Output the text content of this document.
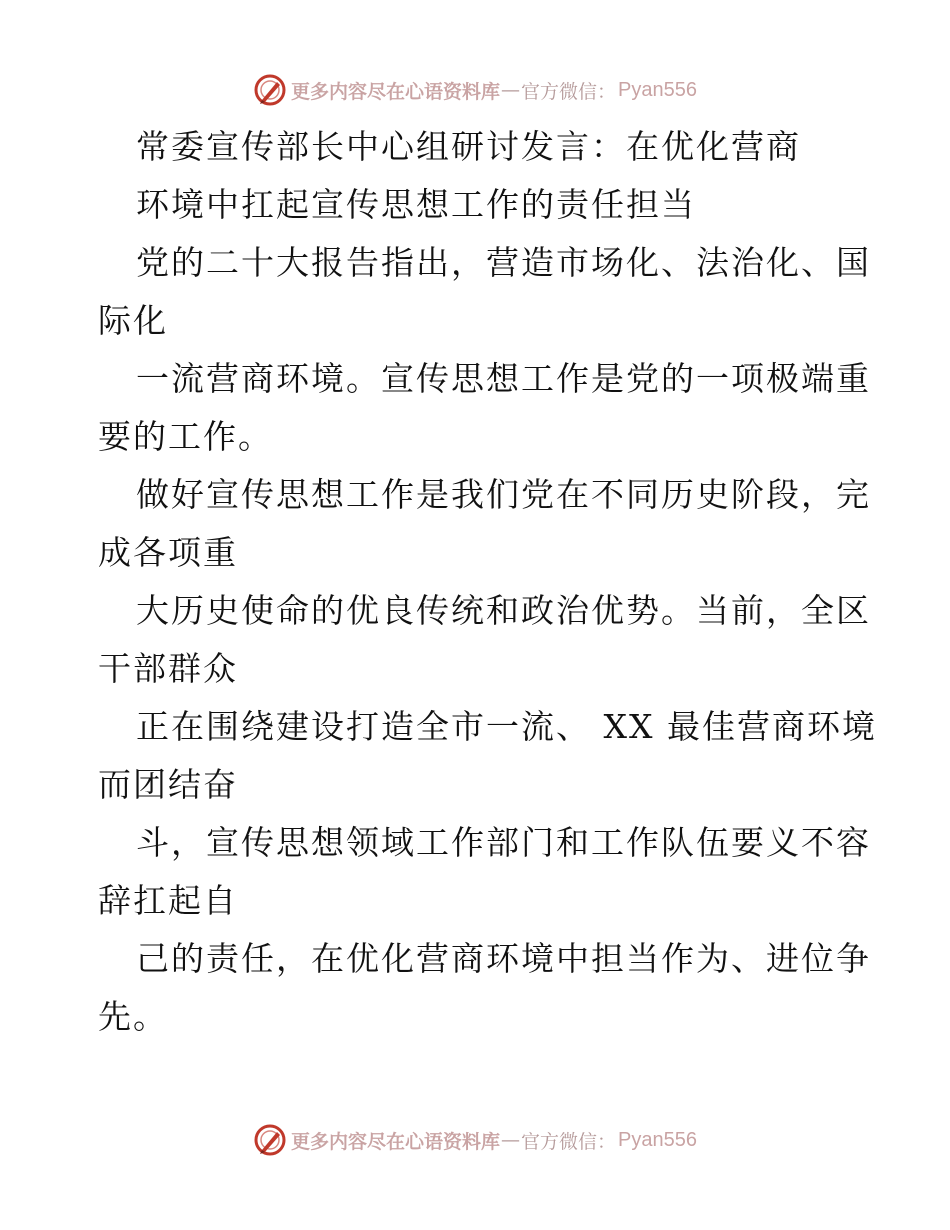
更多内容尽在心语资料库 — 官方微信： Pyan556
常委宣传部长中心组研讨发言：在优化营商
环境中扛起宣传思想工作的责任担当
党的二十大报告指出，营造市场化、法治化、国
际化
一流营商环境。宣传思想工作是党的一项极端重
要的工作。
做好宣传思想工作是我们党在不同历史阶段，完
成各项重
大历史使命的优良传统和政治优势。当前，全区
干部群众
正在围绕建设打造全市一流、 XX 最佳营商环境
而团结奋
斗，宣传思想领域工作部门和工作队伍要义不容
辞扛起自
己的责任，在优化营商环境中担当作为、进位争
先。
更多内容尽在心语资料库 — 官方微信： Pyan556
